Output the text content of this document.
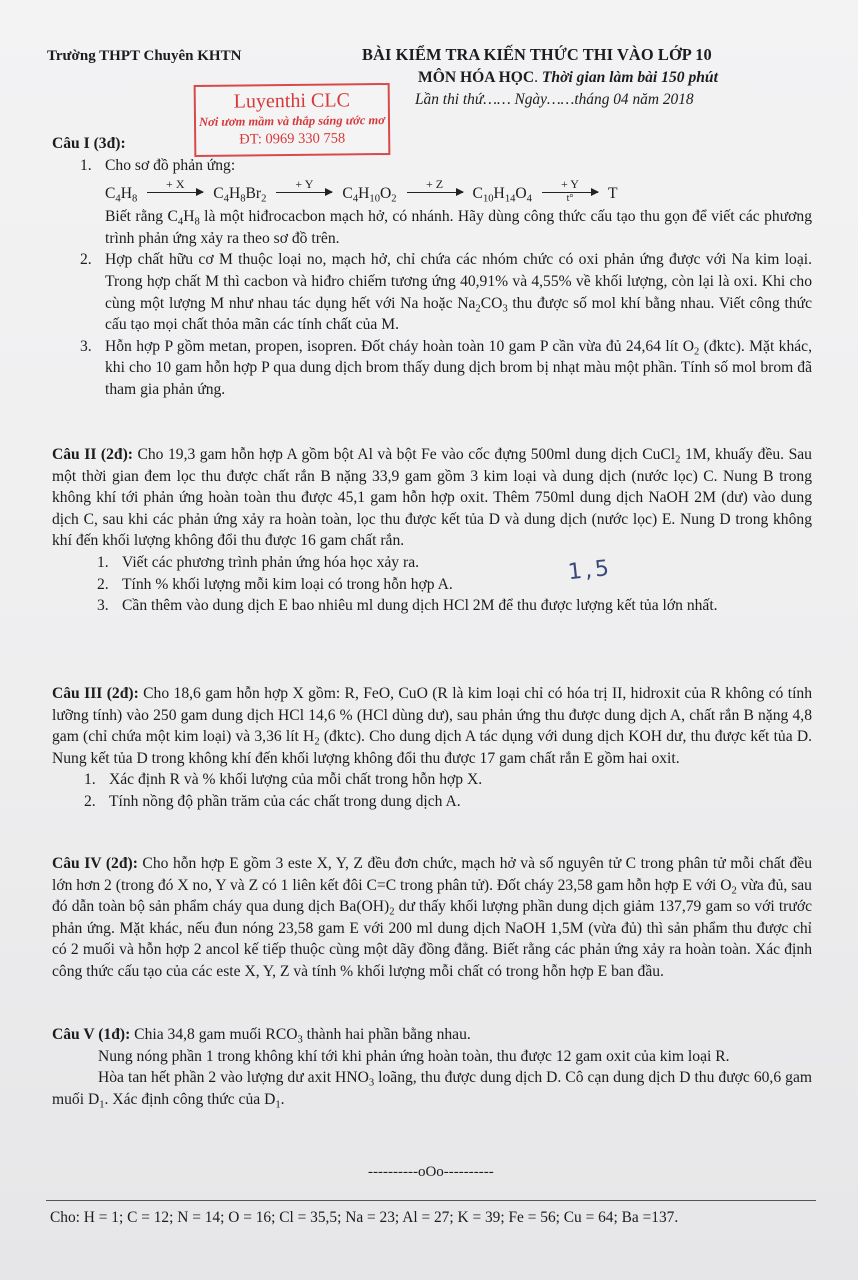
Trường THPT Chuyên KHTN	BÀI KIỂM TRA KIẾN THỨC THI VÀO LỚP 10
MÔN HÓA HỌC. Thời gian làm bài 150 phút
Lần thi thứ…… Ngày……tháng 04 năm 2018
Luyenthi CLC
Nơi ươm mầm và thắp sáng ước mơ
ĐT: 0969 330 758
Câu I (3đ):
1. Cho sơ đồ phản ứng:
$C_4H_8$
+ X

$C_4H_8Br_2$
+ Y

$C_4H_{10}O_2$
+ Z

$C_{10}H_{14}O_4$
+ Y
t° T
Biết rằng $C_4H_8$ là một hiđrocacbon mạch hở, có nhánh. Hãy dùng công thức cấu tạo thu gọn để viết các phương trình phản ứng xảy ra theo sơ đồ trên.
2. Hợp chất hữu cơ M thuộc loại no, mạch hở, chỉ chứa các nhóm chức có oxi phản ứng được với Na kim loại. Trong hợp chất M thì cacbon và hiđro chiếm tương ứng 40,91% và 4,55% về khối lượng, còn lại là oxi. Khi cho cùng một lượng M như nhau tác dụng hết với Na hoặc $Na_2CO_3$ thu được số mol khí bằng nhau. Viết công thức cấu tạo mọi chất thỏa mãn các tính chất của M.
3. Hỗn hợp P gồm metan, propen, isopren. Đốt cháy hoàn toàn 10 gam P cần vừa đủ 24,64 lít $O_2$ (đktc). Mặt khác, khi cho 10 gam hỗn hợp P qua dung dịch brom thấy dung dịch brom bị nhạt màu một phần. Tính số mol brom đã tham gia phản ứng.
Câu II (2đ): Cho 19,3 gam hỗn hợp A gồm bột Al và bột Fe vào cốc đựng 500ml dung dịch CuCl$_2$ 1M, khuấy đều. Sau một thời gian đem lọc thu được chất rắn B nặng 33,9 gam gồm 3 kim loại và dung dịch (nước lọc) C. Nung B trong không khí tới phản ứng hoàn toàn thu được 45,1 gam hỗn hợp oxit. Thêm 750ml dung dịch NaOH 2M (dư) vào dung dịch C, sau khi các phản ứng xảy ra hoàn toàn, lọc thu được kết tủa D và dung dịch (nước lọc) E. Nung D trong không khí đến khối lượng không đổi thu được 16 gam chất rắn.
1. Viết các phương trình phản ứng hóa học xảy ra.
2. Tính % khối lượng mỗi kim loại có trong hỗn hợp A.
3. Cần thêm vào dung dịch E bao nhiêu ml dung dịch HCl 2M để thu được lượng kết tủa lớn nhất.
1,5
Câu III (2đ): Cho 18,6 gam hỗn hợp X gồm: R, FeO, CuO (R là kim loại chỉ có hóa trị II, hidroxit của R không có tính lưỡng tính) vào 250 gam dung dịch HCl 14,6 % (HCl dùng dư), sau phản ứng thu được dung dịch A, chất rắn B nặng 4,8 gam (chỉ chứa một kim loại) và 3,36 lít $H_2$ (đktc). Cho dung dịch A tác dụng với dung dịch KOH dư, thu được kết tủa D. Nung kết tủa D trong không khí đến khối lượng không đổi thu được 17 gam chất rắn E gồm hai oxit.
1. Xác định R và % khối lượng của mỗi chất trong hỗn hợp X.
2. Tính nồng độ phần trăm của các chất trong dung dịch A.
Câu IV (2đ): Cho hỗn hợp E gồm 3 este X, Y, Z đều đơn chức, mạch hở và số nguyên tử C trong phân tử mỗi chất đều lớn hơn 2 (trong đó X no, Y và Z có 1 liên kết đôi C=C trong phân tử). Đốt cháy 23,58 gam hỗn hợp E với $O_2$ vừa đủ, sau đó dẫn toàn bộ sản phẩm cháy qua dung dịch $Ba(OH)_2$ dư thấy khối lượng phần dung dịch giảm 137,79 gam so với trước phản ứng. Mặt khác, nếu đun nóng 23,58 gam E với 200 ml dung dịch NaOH 1,5M (vừa đủ) thì sản phẩm thu được chỉ có 2 muối và hỗn hợp 2 ancol kế tiếp thuộc cùng một dãy đồng đẳng. Biết rằng các phản ứng xảy ra hoàn toàn. Xác định công thức cấu tạo của các este X, Y, Z và tính % khối lượng mỗi chất có trong hỗn hợp E ban đầu.
Câu V (1đ): Chia 34,8 gam muối $RCO_3$ thành hai phần bằng nhau.
Nung nóng phần 1 trong không khí tới khi phản ứng hoàn toàn, thu được 12 gam oxit của kim loại R.
Hòa tan hết phần 2 vào lượng dư axit $HNO_3$ loãng, thu được dung dịch D. Cô cạn dung dịch D thu được 60,6 gam muối $D_1$. Xác định công thức của $D_1$.
----------oOo----------
Cho: H = 1; C = 12; N = 14; O = 16; Cl = 35,5; Na = 23; Al = 27; K = 39; Fe = 56; Cu = 64; Ba =137.
